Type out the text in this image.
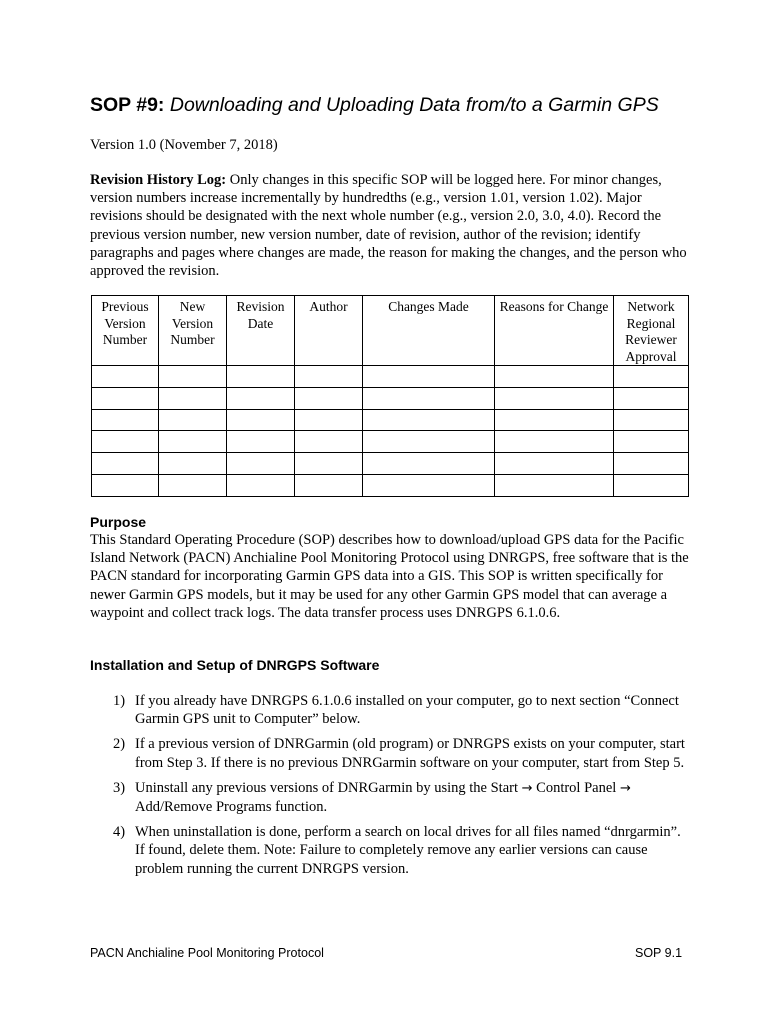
SOP #9: Downloading and Uploading Data from/to a Garmin GPS
Version 1.0 (November 7, 2018)
Revision History Log: Only changes in this specific SOP will be logged here. For minor changes, version numbers increase incrementally by hundredths (e.g., version 1.01, version 1.02). Major revisions should be designated with the next whole number (e.g., version 2.0, 3.0, 4.0). Record the previous version number, new version number, date of revision, author of the revision; identify paragraphs and pages where changes are made, the reason for making the changes, and the person who approved the revision.
Previous Version Number	New Version Number	Revision Date	Author	Changes Made	Reasons for Change	Network Regional Reviewer Approval

Purpose
This Standard Operating Procedure (SOP) describes how to download/upload GPS data for the Pacific Island Network (PACN) Anchialine Pool Monitoring Protocol using DNRGPS, free software that is the PACN standard for incorporating Garmin GPS data into a GIS. This SOP is written specifically for newer Garmin GPS models, but it may be used for any other Garmin GPS model that can average a waypoint and collect track logs. The data transfer process uses DNRGPS 6.1.0.6.
Installation and Setup of DNRGPS Software
1) If you already have DNRGPS 6.1.0.6 installed on your computer, go to next section “Connect Garmin GPS unit to Computer” below.
2) If a previous version of DNRGarmin (old program) or DNRGPS exists on your computer, start from Step 3. If there is no previous DNRGarmin software on your computer, start from Step 5.
3) Uninstall any previous versions of DNRGarmin by using the Start → Control Panel → Add/Remove Programs function.
4) When uninstallation is done, perform a search on local drives for all files named “dnrgarmin”. If found, delete them. Note: Failure to completely remove any earlier versions can cause problem running the current DNRGPS version.
PACN Anchialine Pool Monitoring Protocol	SOP 9.1
